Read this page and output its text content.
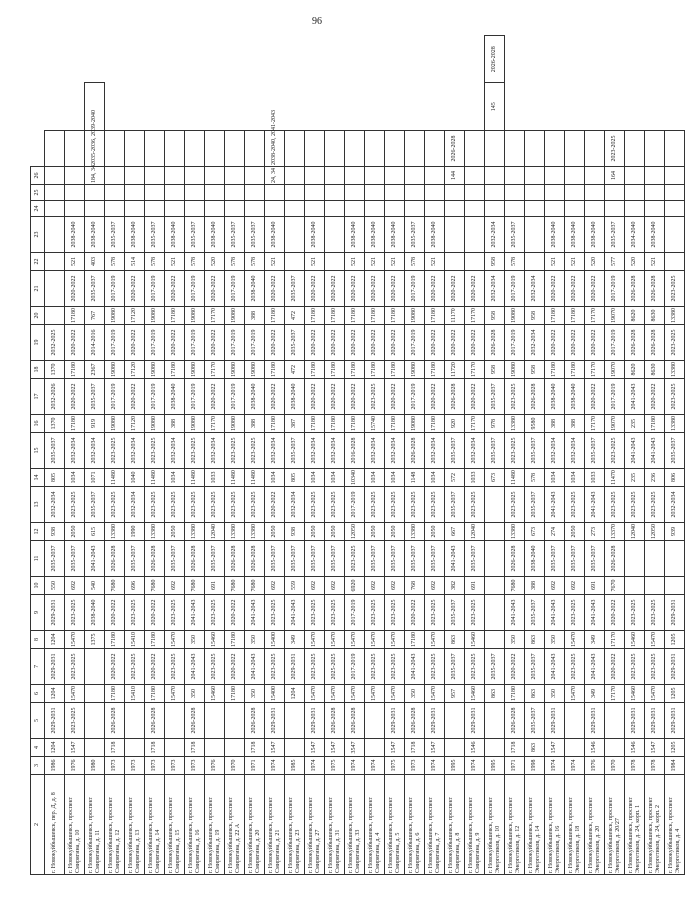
96
2	3	4	5	6	7	8	9	10	11	12	13	14	15	16	17	18	19	20	21	22	23	24	25	26			
г. Новокуйбышевск, пер. Д, д. 8	1986	1204	2029-2031	1204	2029-2031	1204	2029-2031	550	2035-2037	938	2032-2034	805	2035-2037	1370	2032-2026	1370	2032-2025										
г. Новокуйбышевск, проспект Смирягина, д. 10	1976	1547	2023-2025	15470	2023-2025	15470	2023-2025	692	2035-2037	2050	2023-2025	1034	2032-2034	17180	2020-2022	17180	2020-2022	17180	2020-2022	521	2038-2040						
г. Новокуйбышевск, проспект Смирягина, д. 11	1980					1375	2038-2040	540	2041-2043	615	2035-2037	1071	2032-2034	919	2035-2037	2367	2014-2016	767	2035-2037	403	2038-2040			184, 34	2035-2036, 2039-2040		
г. Новокуйбышевск, проспект Смирягина, д. 12	1973	1718	2026-2028	17180	2020-2022	17180	2020-2022	7680	2026-2028	13380	2023-2025	11480	2023-2025	19080	2017-2019	19080	2017-2019	19080	2017-2019	578	2035-2037						
г. Новокуйбышевск, проспект Смирягина, д. 13	1973			15410	2023-2025	15410	2023-2025	696	2035-2037	1990	2032-2034	1040	2032-2034	17120	2020-2022	17120	2020-2022	17120	2020-2022	514	2038-2040						
г. Новокуйбышевск, проспект Смирягина, д. 14	1973	1718	2026-2028	17180	2020-2022	17180	2020-2022	7680	2026-2028	13380	2023-2025	11480	2023-2025	19080	2017-2019	19080	2017-2019	19080	2017-2019	578	2035-2037						
г. Новокуйбышевск, проспект Смирягина, д. 15	1973			15470	2023-2025	15470	2023-2025	692	2035-2037	2050	2023-2025	1034	2032-2034	388	2038-2040	17180	2020-2022	17180	2020-2022	521	2038-2040						
г. Новокуйбышевск, проспект Смирягина, д. 16	1973	1718	2026-2028	350	2041-2043	350	2041-2043	7680	2026-2028	13380	2023-2025	11480	2023-2025	19080	2017-2019	19080	2017-2019	19080	2017-2019	578	2035-2037						
г. Новокуйбышевск, проспект Смирягина, д. 19	1976			15460	2023-2025	15460	2023-2025	691	2035-2037	12040	2023-2025	1033	2032-2034	17170	2020-2022	17170	2020-2022	17170	2020-2022	520	2038-2040						
г. Новокуйбышевск, проспект Смирягина, д. 22 А	1970			17180	2020-2022	17180	2020-2022	7680	2026-2028	13380	2023-2025	11480	2023-2025	19080	2017-2019	19080	2017-2019	19080	2017-2019	578	2035-2037						
г. Новокуйбышевск, проспект Смирягина, д. 20	1971	1718	2026-2028	350	2041-2043	350	2041-2043	7680	2026-2028	13380	2023-2025	11480	2023-2025	388	2038-2040	19080	2017-2019	388	2038-2040	578	2035-2037						
г. Новокуйбышевск, проспект Смирягина, д. 21	1974	1547	2029-2031	15400	2023-2025	15400	2023-2025	692	2035-2037	2050	2020-2022	1034	2032-2034	17180	2020-2022	17180	2020-2022	17180	2020-2022	521	2038-2040			24, 34	2038-2040, 2041-2043		
г. Новокуйбышевск, проспект Смирягина, д. 23	1985			1204	2029-2031	349	2041-2043	559	2035-2037	938	2032-2034	805	2035-2037	387	2038-2040	472	2035-2037	472	2035-2037								
г. Новокуйбышевск, проспект Смирягина, д. 27	1974	1547	2029-2031	15470	2023-2025	15470	2023-2025	692	2035-2037	2050	2023-2025	1034	2032-2034	17180	2020-2022	17180	2020-2022	17180	2020-2022	521	2038-2040						
г. Новокуйбышевск, проспект Смирягина, д. 31	1975	1547	2026-2028	15470	2025-2025	15470	2023-2025	692	2035-2037	2050	2023-2025	1034	2032-2034	17180	2020-2022	17180	2020-2022	17180	2020-2022								
г. Новокуйбышевск, проспект Смирягина, д. 33	1974	3547	2026-2028	15470	2017-2019	15470	2017-2019	6920	2023-2025	12050	2017-2019	10340	2016-2028	17180	2020-2022	17180	2020-2022	17180	2020-2022	521	2038-2040						
г. Новокуйбышевск, проспект Смирягина, д. 4	1974			15470	2023-2025	15470	2023-2025	692	2035-2037	2050	2023-2025	1034	2032-2034	15740	2023-2025	17180	2020-2022	17180	2020-2022	521	2038-2040						
г. Новокуйбышевск, проспект Смирягина, д. 5	1975	1547	2029-2031	15470	2023-2025	15470	2023-2025	692	2035-2037	2050	2023-2025	1034	2032-2034	17180	2020-2022	17180	2020-2022	17180	2020-2022	521	2038-2040						
г. Новокуйбышевск, проспект Смирягина, д. 6	1973	1718	2026-2028	350	2041-2043	17180	2020-2022	768	2035-2037	13380	2023-2025	1148	2026-2028	19080	2017-2019	19080	2017-2019	19080	2017-2019	578	2035-2037						
г. Новокуйбышевск, проспект Смирягина, д. 7	1974	1547	2029-2031	15470	2023-2025	15470	2023-2025	692	2035-2037	2050	2023-2025	1034	2032-2034	17180	2020-2022	17180	2020-2022	17180	2020-2022	521	2038-2040						
г. Новокуйбышевск, проспект Смирягина, д. 8	1995			957	2035-2037	863	2035-2037	382	2041-2043	667	2035-2037	572	2035-2037	920	2026-2028	11720	2020-2022	11170	2020-2022					144	2026-2028		
г. Новокуйбышевск, проспект Смирягина, д. 9	1974	1546	2029-2031	15460	2023-2025	15460	2023-2025	691	2035-2037	12040	2023-2025	1033	2032-2034	17170	2020-2022	17170	2020-2022	17170	2020-2022								
г. Новокуйбышевск, проспект Энергетиков, д. 10	1995			863	2035-2037							673	2035-2037	978	2035-2037	958	2026-2028	958	2032-2034	958	2032-2034					145	2026-2028
г. Новокуйбышевск, проспект Энергетиков, д. 12	1971	1718	2026-2028	17180	2020-2022	350	2041-2043	7680	2026-2028	13380	2023-2025	11480	2023-2025	13380	2023-2025	19080	2017-2019	19080	2017-2019	578	2035-2037						
г. Новокуйбышевск, проспект Энергетиков, д. 14	1998	863	2035-2037	863	2035-2037	863	2035-2037	388	2038-2040	673	2035-2037	578	2035-2037	9580	2026-2028	958	2032-2034	958	2032-2034								
г. Новокуйбышевск, проспект Энергетиков, д. 16	1974	1547	2029-2031	350	2041-2043	350	2041-2043	692	2035-2037	274	2041-2043	1034	2032-2034	388	2038-2040	17180	2020-2022	17180	2020-2022	521	2038-2040						
г. Новокуйбышевск, проспект Энергетиков, д. 18	1974			15470	2023-2025	15470	2023-2025	692	2035-2037	2050	2023-2025	1034	2032-2034	388	2038-2040	17180	2020-2022	17180	2020-2022	521	2038-2040						
г. Новокуйбышевск, проспект Энергетиков, д. 20	1976	1546	2029-2031	349	2041-2043	349	2041-2043	691	2035-2037	273	2041-2043	1033	2035-2037	17170	2020-2022	17170	2020-2022	17170	2020-2022	520	2038-2040						
г. Новокуйбышевск, проспект Энергетиков, д. 20/27	1970			17170	2020-2022	17170	2020-2022	7670	2026-2028	13370	2023-2025	11470	2023-2025	19070	2017-2019	19070	2017-2019	19070	2017-2019	577	2035-2037			164	2023-2025		
г. Новокуйбышевск, проспект Энергетиков, д. 24, корп. 1	1978	1546	2029-2031	15460	2023-2025	15460	2023-2025			12040	2023-2025	235	2041-2043	235	2041-2043	8620	2026-2028	8620	2026-2028	520	2034-2040						
г. Новокуйбышевск, проспект Энергетиков, д. 24, корп. 2	1978	1547	2029-2031	15470	2023-2025	15470	2023-2025			12050	2023-2025	236	2041-2043	17180	2020-2022	8630	2026-2028	8630	2026-2028	521	2038-2040						
г. Новокуйбышевск, проспект Энергетиков, д. 4	1984	1205	2029-2031	1205	2029-2031	1205	2029-2031			939	2032-2034	806	2035-2037	13380	2023-2025	13380	2023-2025	13380	2023-2025								
